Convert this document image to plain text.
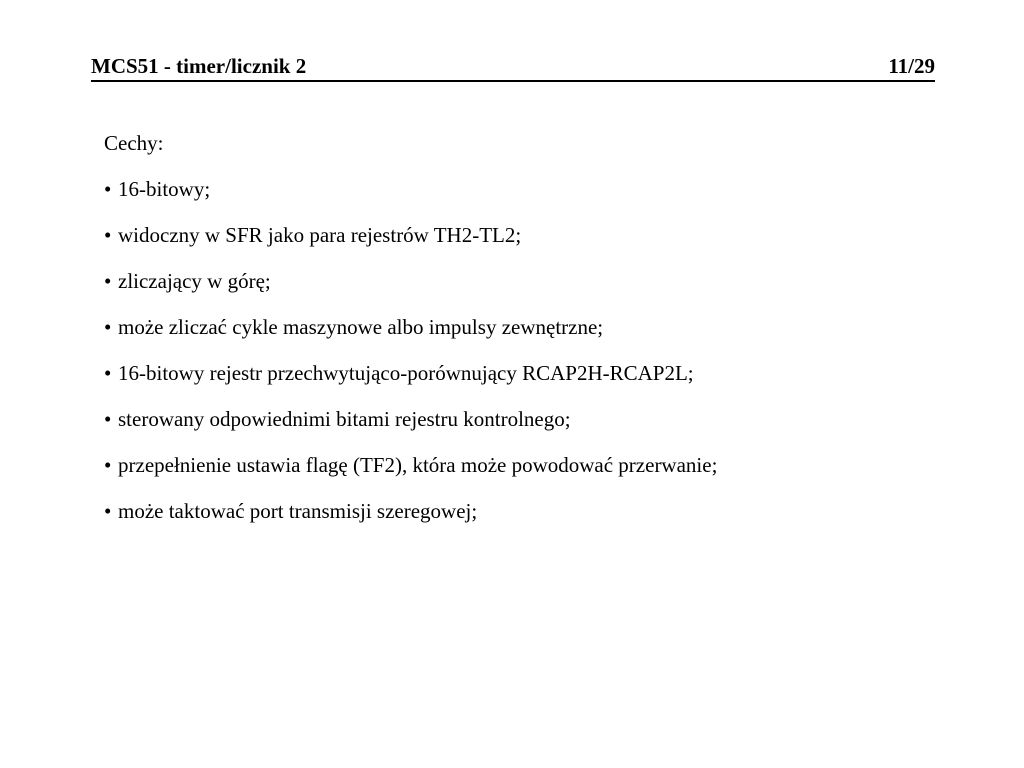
MCS51 - timer/licznik 2	11/29
Cechy:
• 16-bitowy;
• widoczny w SFR jako para rejestrów TH2-TL2;
• zliczający w górę;
• może zliczać cykle maszynowe albo impulsy zewnętrzne;
• 16-bitowy rejestr przechwytująco-porównujący RCAP2H-RCAP2L;
• sterowany odpowiednimi bitami rejestru kontrolnego;
• przepełnienie ustawia flagę (TF2), która może powodować przerwanie;
• może taktować port transmisji szeregowej;
